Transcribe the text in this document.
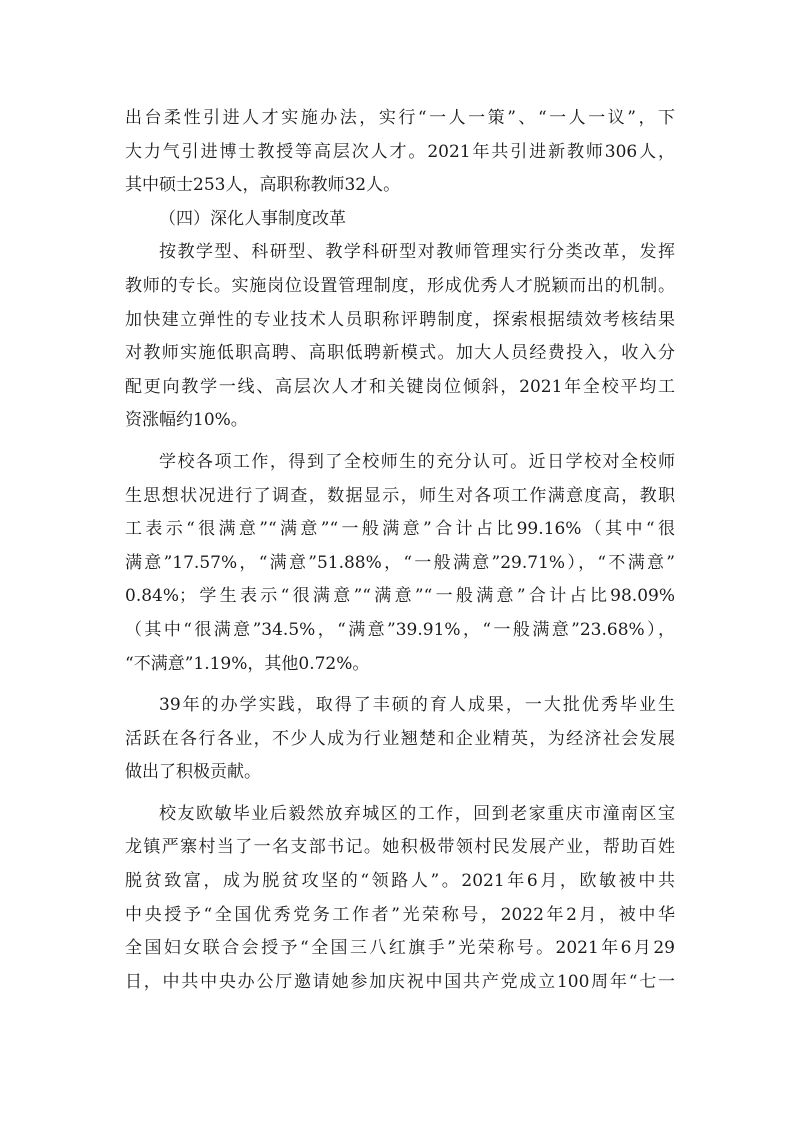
出台柔性引进人才实施办法，实行“一人一策”、“一人一议”，下
大力气引进博士教授等高层次人才。2021年共引进新教师306人，
其中硕士253人，高职称教师32人。
（四）深化人事制度改革
按教学型、科研型、教学科研型对教师管理实行分类改革，发挥
教师的专长。实施岗位设置管理制度，形成优秀人才脱颖而出的机制。
加快建立弹性的专业技术人员职称评聘制度，探索根据绩效考核结果
对教师实施低职高聘、高职低聘新模式。加大人员经费投入，收入分
配更向教学一线、高层次人才和关键岗位倾斜，2021年全校平均工
资涨幅约10%。
学校各项工作，得到了全校师生的充分认可。近日学校对全校师
生思想状况进行了调查，数据显示，师生对各项工作满意度高，教职
工表示“很满意”“满意”“一般满意”合计占比99.16%（其中“很
满意”17.57%，“满意”51.88%，“一般满意”29.71%），“不满意”
0.84%；学生表示“很满意”“满意”“一般满意”合计占比98.09%
（其中“很满意”34.5%，“满意”39.91%，“一般满意”23.68%），
“不满意”1.19%，其他0.72%。
39年的办学实践，取得了丰硕的育人成果，一大批优秀毕业生
活跃在各行各业，不少人成为行业翘楚和企业精英，为经济社会发展
做出了积极贡献。
校友欧敏毕业后毅然放弃城区的工作，回到老家重庆市潼南区宝
龙镇严寨村当了一名支部书记。她积极带领村民发展产业，帮助百姓
脱贫致富，成为脱贫攻坚的“领路人”。2021年6月，欧敏被中共
中央授予“全国优秀党务工作者”光荣称号，2022年2月，被中华
全国妇女联合会授予“全国三八红旗手”光荣称号。2021年6月29
日，中共中央办公厅邀请她参加庆祝中国共产党成立100周年“七一
